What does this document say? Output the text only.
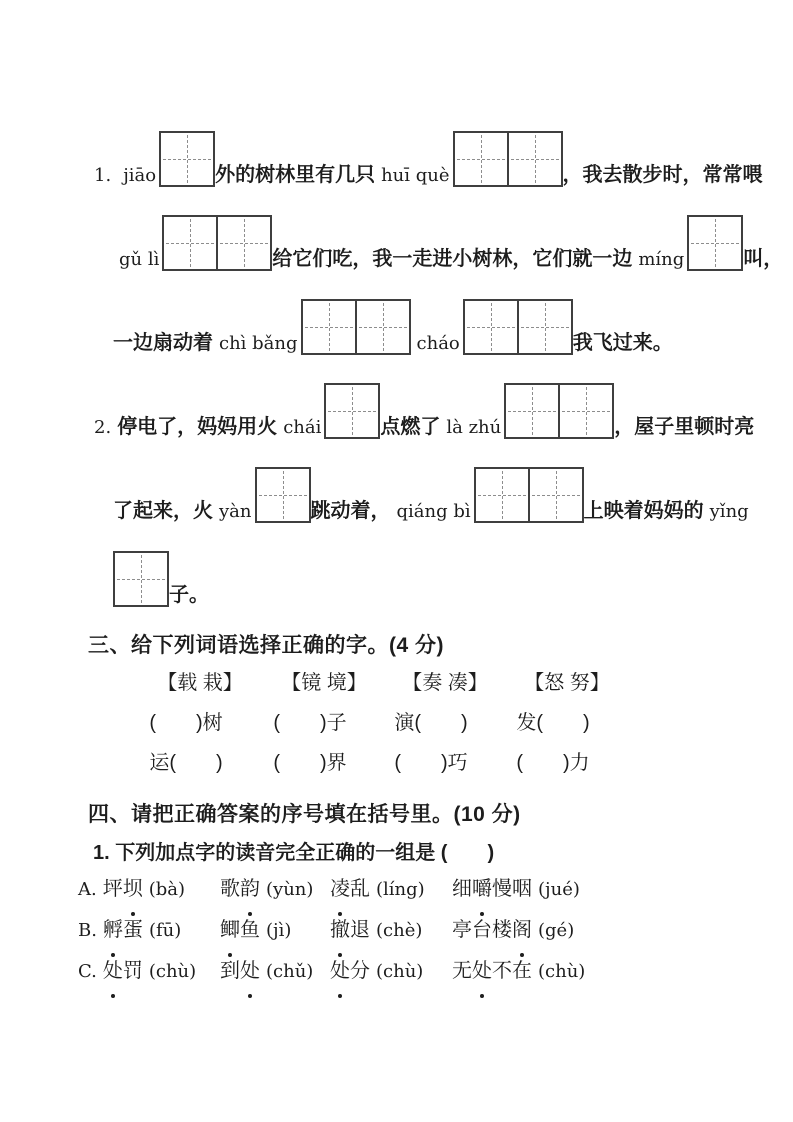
1. jiāo	外的树林里有几只 huī què	，我去散步时，常常喂
gǔ lì	给它们吃，我一走进小树林，它们就一边 míng	叫，
一边扇动着 chì bǎng	cháo	我飞过来。
2. 停电了，妈妈用火 chái	点燃了 là zhú	，屋子里顿时亮
了起来，火 yàn	跳动着， qiáng bì	上映着妈妈的 yǐng
子。
三、给下列词语选择正确的字。(4 分)
【载 栽】	【镜 境】	【奏 凑】	【怒 努】
(　　)树	(　　)子	演(　　)	发(　　)
运(　　)	(　　)界	(　　)巧	(　　)力
四、请把正确答案的序号填在括号里。(10 分)
1. 下列加点字的读音完全正确的一组是 (　　)
A. 坪坝 (bà)	歌韵 (yùn) 凌乱 (líng)	细嚼慢咽 (jué)
B. 孵蛋 (fū)	鲫鱼 (jì)	撤退 (chè)	亭台楼阁 (gé)
C. 处罚 (chù)	到处 (chǔ) 处分 (chù)	无处不在 (chù)
